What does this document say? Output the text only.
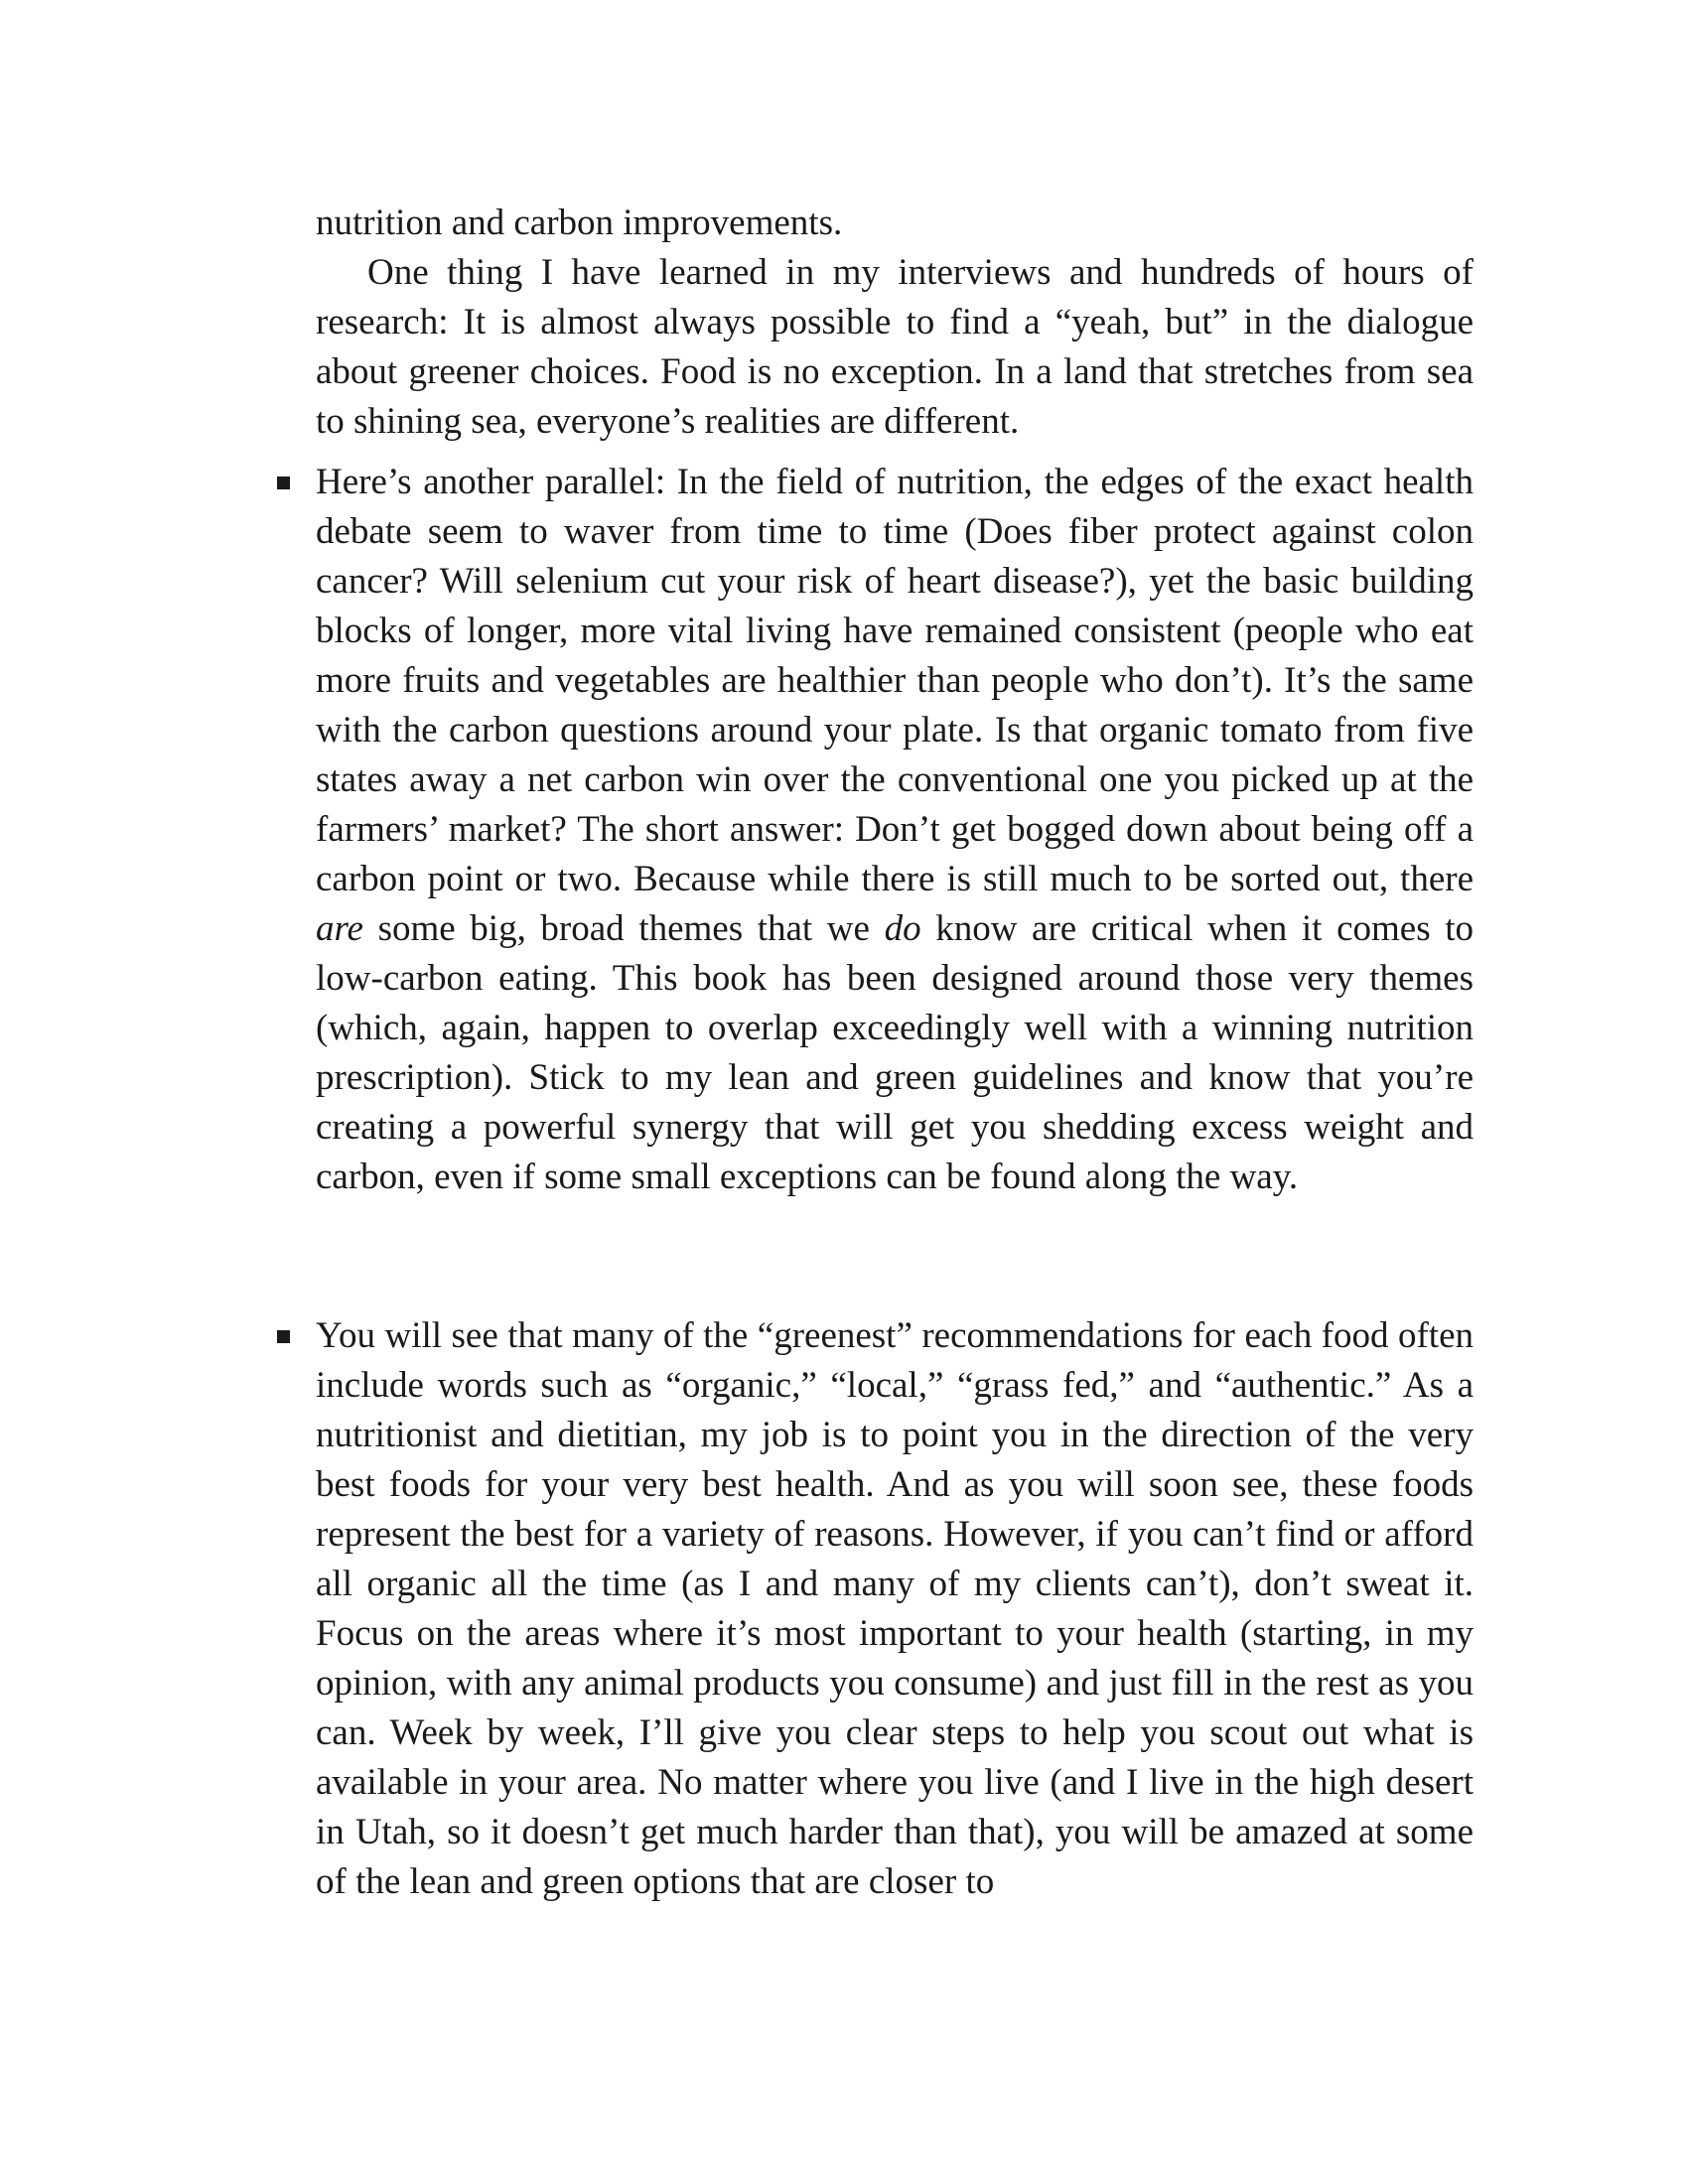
nutrition and carbon improvements.

One thing I have learned in my interviews and hundreds of hours of research: It is almost always possible to find a “yeah, but” in the dialogue about greener choices. Food is no exception. In a land that stretches from sea to shining sea, everyone’s realities are different.

Here’s another parallel: In the field of nutrition, the edges of the exact health debate seem to waver from time to time (Does fiber protect against colon cancer? Will selenium cut your risk of heart disease?), yet the basic building blocks of longer, more vital living have remained consistent (people who eat more fruits and vegetables are healthier than people who don’t). It’s the same with the carbon questions around your plate. Is that organic tomato from five states away a net carbon win over the conventional one you picked up at the farmers’ market? The short answer: Don’t get bogged down about being off a carbon point or two. Because while there is still much to be sorted out, there are some big, broad themes that we do know are critical when it comes to low-carbon eating. This book has been designed around those very themes (which, again, happen to overlap exceedingly well with a winning nutrition prescription). Stick to my lean and green guidelines and know that you’re creating a powerful synergy that will get you shedding excess weight and carbon, even if some small exceptions can be found along the way.

You will see that many of the “greenest” recommendations for each food often include words such as “organic,” “local,” “grass fed,” and “authentic.” As a nutritionist and dietitian, my job is to point you in the direction of the very best foods for your very best health. And as you will soon see, these foods represent the best for a variety of reasons. However, if you can’t find or afford all organic all the time (as I and many of my clients can’t), don’t sweat it. Focus on the areas where it’s most important to your health (starting, in my opinion, with any animal products you consume) and just fill in the rest as you can. Week by week, I’ll give you clear steps to help you scout out what is available in your area. No matter where you live (and I live in the high desert in Utah, so it doesn’t get much harder than that), you will be amazed at some of the lean and green options that are closer to
